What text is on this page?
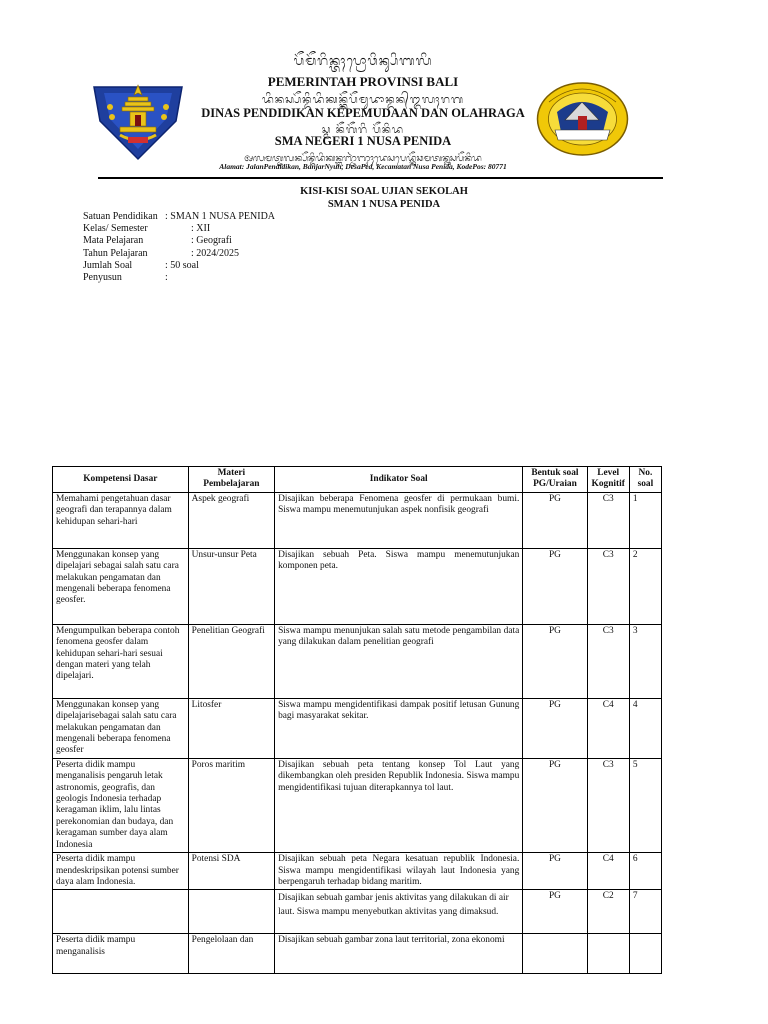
ᬧᭂᬫᭂᬭᬶᬦ᭄ᬢᬄᬧ᭄ᬭᭀᬯᬶᬦ᭄ᬲᬶᬩᬮᬶ
PEMERINTAH PROVINSI BALI
ᬤᬶᬦᬲ᭄ᬧᭂᬦ᭄ᬤᬶᬤᬶᬓᬦ᭄ᬓᭂᬧᭂᬫᬸᬤᬵᬦ᭄ᬤᬦ᭄ᬑᬮᬄᬭᬕ
DINAS PENDIDIKAN KEPEMUDAAN DAN OLAHRAGA
ᬲ᭄ᬫ ᬦᭂᬕᭂᬭᬶ ᬧᭂᬦᬶᬤ
SMA NEGERI 1 NUSA PENIDA
ᬅᬮᬫᬢ᭄ᬚᬮᬦ᭄ᬧᭂᬦ᭄ᬤᬶᬤᬶᬓᬦ᭄ᬩᬜ᭄ᬚᬃᬜᬸᬄᬤᬾᬲᬧᬾᬤ᭄ᬓᭂᬘᬫᬢᬦ᭄ᬦᬸᬲᬧᭂᬦᬶᬤ
Alamat: JalanPendidikan, BanjarNyuh, DesaPed, Kecamatan Nusa Penida, KodePos: 80771
KISI-KISI SOAL UJIAN SEKOLAH
SMAN 1 NUSA PENIDA
Satuan Pendidikan : SMAN 1 NUSA PENIDA
Kelas/ Semester	: XII
Mata Pelajaran	: Geografi
Tahun Pelajaran	: 2024/2025
Jumlah Soal	: 50 soal
Penyusun	:
Kompetensi Dasar	Materi Pembelajaran	Indikator Soal	Bentuk soal PG/Uraian	Level Kognitif	No. soal
Memahami pengetahuan dasar geografi dan terapannya dalam kehidupan sehari-hari	Aspek geografi	Disajikan beberapa Fenomena geosfer di permukaan bumi. Siswa mampu menemutunjukan aspek nonfisik geografi	PG	C3	1
Menggunakan konsep yang dipelajari sebagai salah satu cara melakukan pengamatan dan mengenali beberapa fenomena geosfer.	Unsur-unsur Peta	Disajikan sebuah Peta. Siswa mampu menemutunjukan komponen peta.	PG	C3	2
Mengumpulkan beberapa contoh fenomena geosfer dalam kehidupan sehari-hari sesuai dengan materi yang telah dipelajari.	Penelitian Geografi	Siswa mampu menunjukan salah satu metode pengambilan data yang dilakukan dalam penelitian geografi	PG	C3	3
Menggunakan konsep yang dipelajarisebagai salah satu cara melakukan pengamatan dan mengenali beberapa fenomena geosfer	Litosfer	Siswa mampu mengidentifikasi dampak positif letusan Gunung bagi masyarakat sekitar.	PG	C4	4
Peserta didik mampu menganalisis pengaruh letak astronomis, geografis, dan geologis Indonesia terhadap keragaman iklim, lalu lintas perekonomian dan budaya, dan keragaman sumber daya alam Indonesia	Poros maritim	Disajikan sebuah peta tentang konsep Tol Laut yang dikembangkan oleh presiden Republik Indonesia. Siswa mampu mengidentifikasi tujuan diterapkannya tol laut.	PG	C3	5
Peserta didik mampu mendeskripsikan potensi sumber daya alam Indonesia.	Potensi SDA	Disajikan sebuah peta Negara kesatuan republik Indonesia. Siswa mampu mengidentifikasi wilayah laut Indonesia yang berpengaruh terhadap bidang maritim.	PG	C4	6
		Disajikan sebuah gambar jenis aktivitas yang dilakukan di air laut. Siswa mampu menyebutkan aktivitas yang dimaksud.	PG	C2	7
Peserta didik mampu menganalisis	Pengelolaan dan	Disajikan sebuah gambar zona laut territorial, zona ekonomi			
